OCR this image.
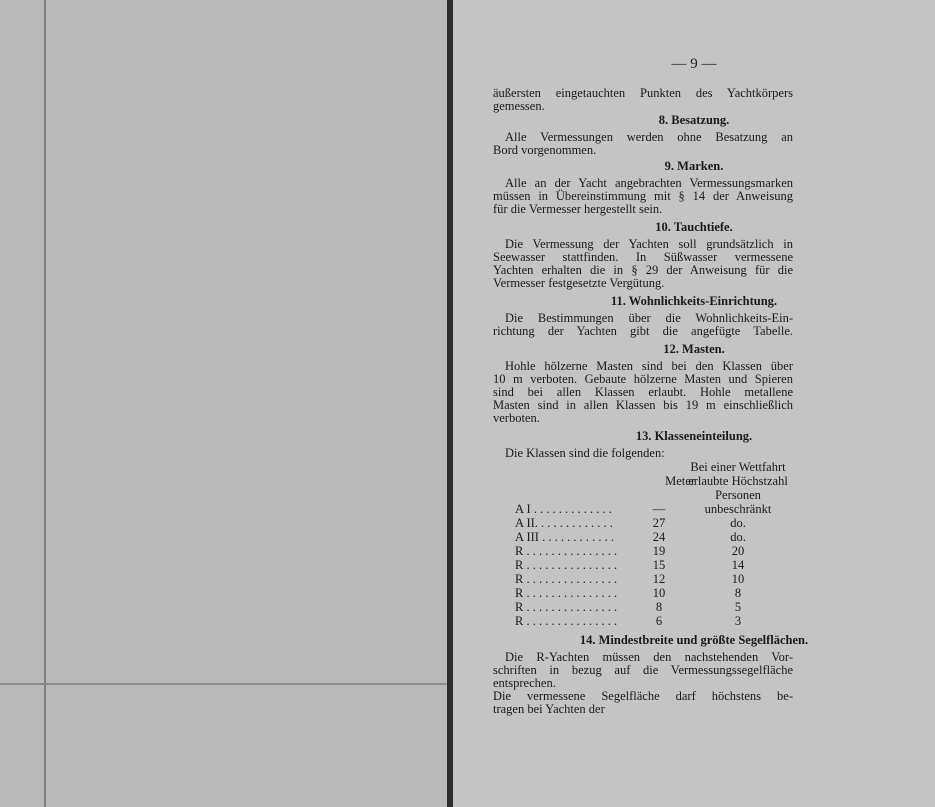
— 9 —
äußersten eingetauchten Punkten des Yachtkörpers
gemessen.
8. Besatzung.
Alle Vermessungen werden ohne Besatzung an
Bord vorgenommen.
9. Marken.
Alle an der Yacht angebrachten Vermessungsmarken
müssen in Übereinstimmung mit § 14 der Anweisung
für die Vermesser hergestellt sein.
10. Tauchtiefe.
Die Vermessung der Yachten soll grundsätzlich in
Seewasser stattfinden. In Süßwasser vermessene
Yachten erhalten die in § 29 der Anweisung für die
Vermesser festgesetzte Vergütung.
11. Wohnlichkeits-Einrichtung.
Die Bestimmungen über die Wohnlichkeits-Ein-
richtung der Yachten gibt die angefügte Tabelle.
12. Masten.
Hohle hölzerne Masten sind bei den Klassen über
10 m verboten. Gebaute hölzerne Masten und Spieren
sind bei allen Klassen erlaubt. Hohle metallene
Masten sind in allen Klassen bis 19 m einschließlich
verboten.
13. Klasseneinteilung.
Die Klassen sind die folgenden:
Bei einer Wettfahrt
Meter
erlaubte Höchstzahl
Personen
A I . . . . . . . . . . . . .	—	unbeschränkt
A II. . . . . . . . . . . . .	27	do.
A III . . . . . . . . . . . .	24	do.
R . . . . . . . . . . . . . . .	19	20
R . . . . . . . . . . . . . . .	15	14
R . . . . . . . . . . . . . . .	12	10
R . . . . . . . . . . . . . . .	10	8
R . . . . . . . . . . . . . . .	8	5
R . . . . . . . . . . . . . . .	6	3
14. Mindestbreite und größte Segelflächen.
Die R-Yachten müssen den nachstehenden Vor-
schriften in bezug auf die Vermessungssegelfläche
entsprechen.
Die vermessene Segelfläche darf höchstens be-
tragen bei Yachten der
